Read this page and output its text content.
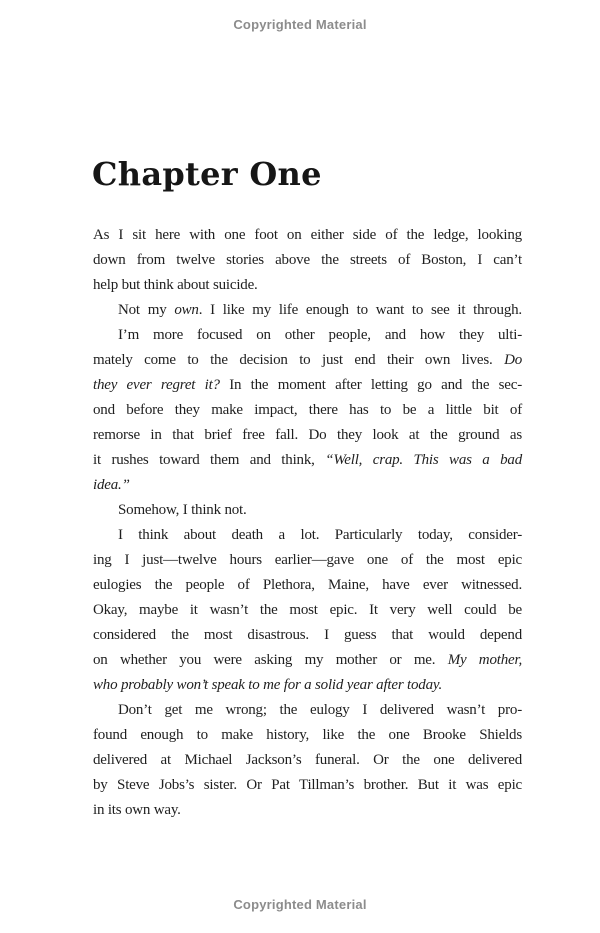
Copyrighted Material
Chapter One
As I sit here with one foot on either side of the ledge, looking
down from twelve stories above the streets of Boston, I can’t
help but think about suicide.
Not my own. I like my life enough to want to see it through.
I’m more focused on other people, and how they ulti-
mately come to the decision to just end their own lives. Do
they ever regret it? In the moment after letting go and the sec-
ond before they make impact, there has to be a little bit of
remorse in that brief free fall. Do they look at the ground as
it rushes toward them and think, “Well, crap. This was a bad
idea.”
Somehow, I think not.
I think about death a lot. Particularly today, consider-
ing I just—twelve hours earlier—gave one of the most epic
eulogies the people of Plethora, Maine, have ever witnessed.
Okay, maybe it wasn’t the most epic. It very well could be
considered the most disastrous. I guess that would depend
on whether you were asking my mother or me. My mother,
who probably won’t speak to me for a solid year after today.
Don’t get me wrong; the eulogy I delivered wasn’t pro-
found enough to make history, like the one Brooke Shields
delivered at Michael Jackson’s funeral. Or the one delivered
by Steve Jobs’s sister. Or Pat Tillman’s brother. But it was epic
in its own way.
Copyrighted Material
